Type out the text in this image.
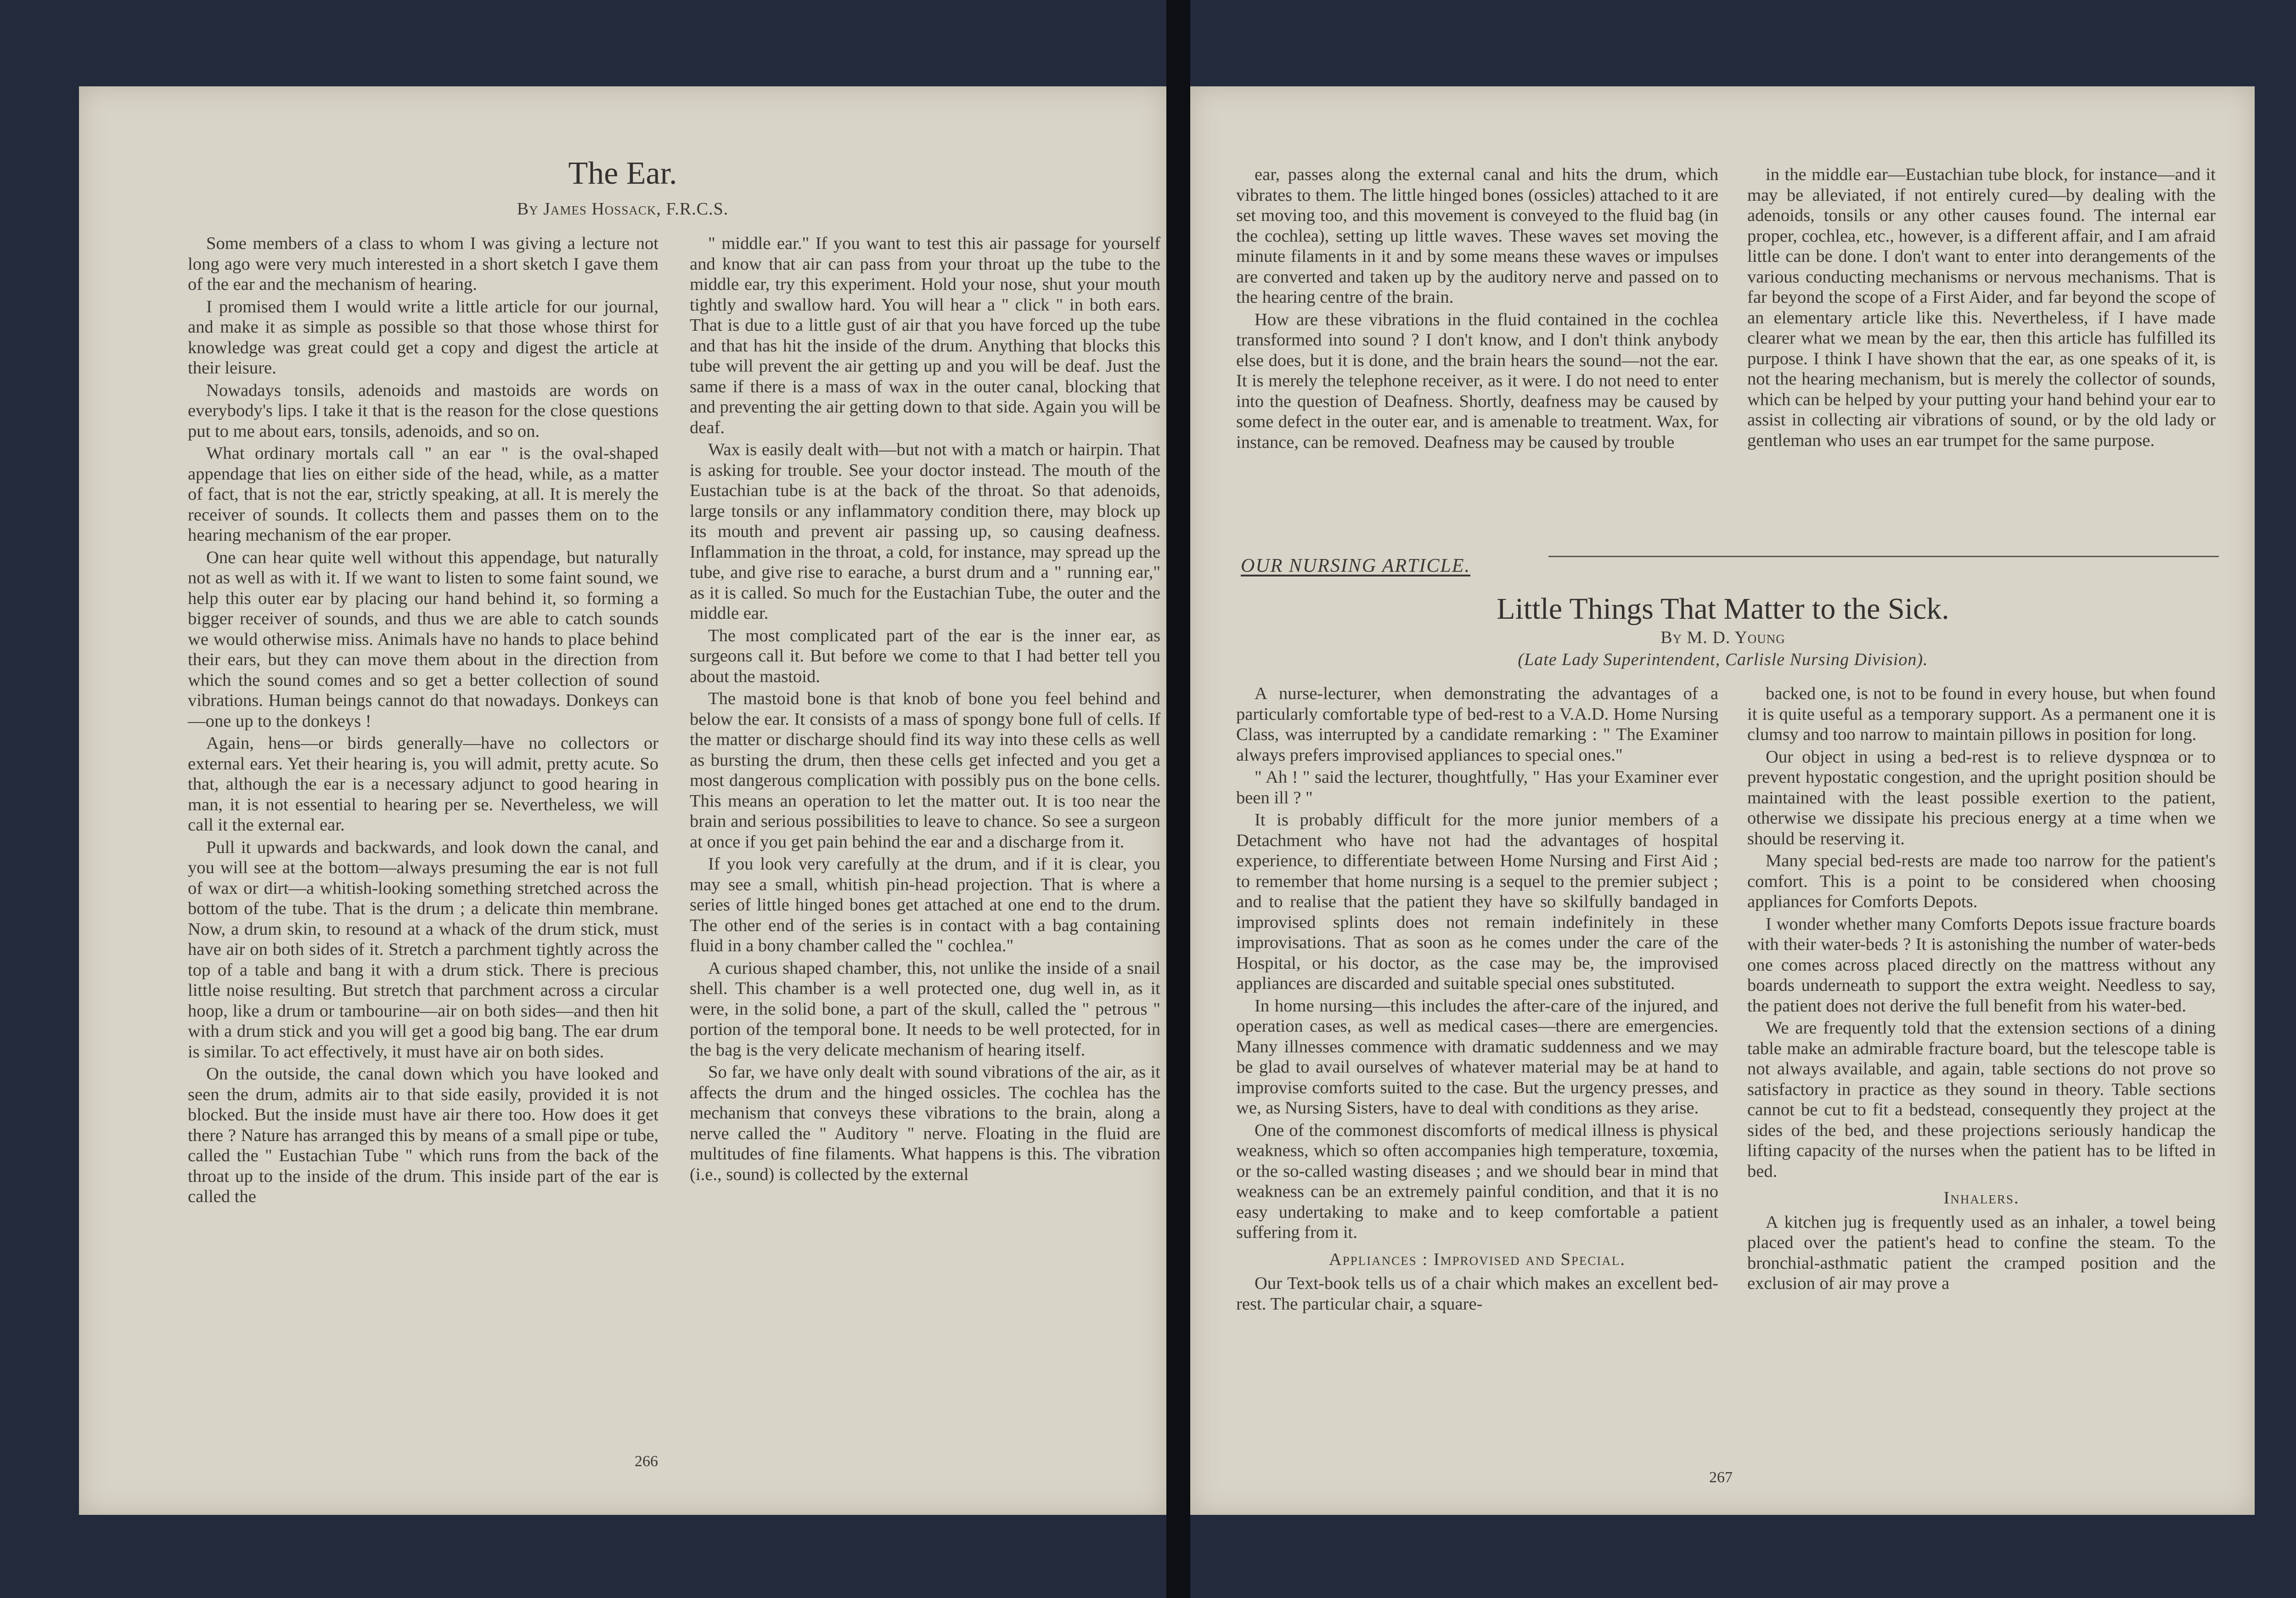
The Ear.
By James Hossack, F.R.C.S.

Some members of a class to whom I was giving a lecture not long ago were very much interested in a short sketch I gave them of the ear and the mechanism of hearing.

I promised them I would write a little article for our journal, and make it as simple as possible so that those whose thirst for knowledge was great could get a copy and digest the article at their leisure.

Nowadays tonsils, adenoids and mastoids are words on everybody's lips. I take it that is the reason for the close questions put to me about ears, tonsils, adenoids, and so on.

What ordinary mortals call " an ear " is the oval-shaped appendage that lies on either side of the head, while, as a matter of fact, that is not the ear, strictly speaking, at all. It is merely the receiver of sounds. It collects them and passes them on to the hearing mechanism of the ear proper.

One can hear quite well without this appendage, but naturally not as well as with it. If we want to listen to some faint sound, we help this outer ear by placing our hand behind it, so forming a bigger receiver of sounds, and thus we are able to catch sounds we would otherwise miss. Animals have no hands to place behind their ears, but they can move them about in the direction from which the sound comes and so get a better collection of sound vibrations. Human beings cannot do that nowadays. Donkeys can—one up to the donkeys !

Again, hens—or birds generally—have no collectors or external ears. Yet their hearing is, you will admit, pretty acute. So that, although the ear is a necessary adjunct to good hearing in man, it is not essential to hearing per se. Nevertheless, we will call it the external ear.

Pull it upwards and backwards, and look down the canal, and you will see at the bottom—always presuming the ear is not full of wax or dirt—a whitish-looking something stretched across the bottom of the tube. That is the drum ; a delicate thin membrane. Now, a drum skin, to resound at a whack of the drum stick, must have air on both sides of it. Stretch a parchment tightly across the top of a table and bang it with a drum stick. There is precious little noise resulting. But stretch that parchment across a circular hoop, like a drum or tambourine—air on both sides—and then hit with a drum stick and you will get a good big bang. The ear drum is similar. To act effectively, it must have air on both sides.

On the outside, the canal down which you have looked and seen the drum, admits air to that side easily, provided it is not blocked. But the inside must have air there too. How does it get there ? Nature has arranged this by means of a small pipe or tube, called the " Eustachian Tube " which runs from the back of the throat up to the inside of the drum. This inside part of the ear is called the

" middle ear." If you want to test this air passage for yourself and know that air can pass from your throat up the tube to the middle ear, try this experiment. Hold your nose, shut your mouth tightly and swallow hard. You will hear a " click " in both ears. That is due to a little gust of air that you have forced up the tube and that has hit the inside of the drum. Anything that blocks this tube will prevent the air getting up and you will be deaf. Just the same if there is a mass of wax in the outer canal, blocking that and preventing the air getting down to that side. Again you will be deaf.

Wax is easily dealt with—but not with a match or hairpin. That is asking for trouble. See your doctor instead. The mouth of the Eustachian tube is at the back of the throat. So that adenoids, large tonsils or any inflammatory condition there, may block up its mouth and prevent air passing up, so causing deafness. Inflammation in the throat, a cold, for instance, may spread up the tube, and give rise to earache, a burst drum and a " running ear," as it is called. So much for the Eustachian Tube, the outer and the middle ear.

The most complicated part of the ear is the inner ear, as surgeons call it. But before we come to that I had better tell you about the mastoid.

The mastoid bone is that knob of bone you feel behind and below the ear. It consists of a mass of spongy bone full of cells. If the matter or discharge should find its way into these cells as well as bursting the drum, then these cells get infected and you get a most dangerous complication with possibly pus on the bone cells. This means an operation to let the matter out. It is too near the brain and serious possibilities to leave to chance. So see a surgeon at once if you get pain behind the ear and a discharge from it.

If you look very carefully at the drum, and if it is clear, you may see a small, whitish pin-head projection. That is where a series of little hinged bones get attached at one end to the drum. The other end of the series is in contact with a bag containing fluid in a bony chamber called the " cochlea."

A curious shaped chamber, this, not unlike the inside of a snail shell. This chamber is a well protected one, dug well in, as it were, in the solid bone, a part of the skull, called the " petrous " portion of the temporal bone. It needs to be well protected, for in the bag is the very delicate mechanism of hearing itself.

So far, we have only dealt with sound vibrations of the air, as it affects the drum and the hinged ossicles. The cochlea has the mechanism that conveys these vibrations to the brain, along a nerve called the " Auditory " nerve. Floating in the fluid are multitudes of fine filaments. What happens is this. The vibration (i.e., sound) is collected by the external

266

ear, passes along the external canal and hits the drum, which vibrates to them. The little hinged bones (ossicles) attached to it are set moving too, and this movement is conveyed to the fluid bag (in the cochlea), setting up little waves. These waves set moving the minute filaments in it and by some means these waves or impulses are converted and taken up by the auditory nerve and passed on to the hearing centre of the brain.

How are these vibrations in the fluid contained in the cochlea transformed into sound ? I don't know, and I don't think anybody else does, but it is done, and the brain hears the sound—not the ear. It is merely the telephone receiver, as it were. I do not need to enter into the question of Deafness. Shortly, deafness may be caused by some defect in the outer ear, and is amenable to treatment. Wax, for instance, can be removed. Deafness may be caused by trouble

in the middle ear—Eustachian tube block, for instance—and it may be alleviated, if not entirely cured—by dealing with the adenoids, tonsils or any other causes found. The internal ear proper, cochlea, etc., however, is a different affair, and I am afraid little can be done. I don't want to enter into derangements of the various conducting mechanisms or nervous mechanisms. That is far beyond the scope of a First Aider, and far beyond the scope of an elementary article like this. Nevertheless, if I have made clearer what we mean by the ear, then this article has fulfilled its purpose. I think I have shown that the ear, as one speaks of it, is not the hearing mechanism, but is merely the collector of sounds, which can be helped by your putting your hand behind your ear to assist in collecting air vibrations of sound, or by the old lady or gentleman who uses an ear trumpet for the same purpose.

OUR NURSING ARTICLE.
Little Things That Matter to the Sick.
By M. D. Young
(Late Lady Superintendent, Carlisle Nursing Division).

A nurse-lecturer, when demonstrating the advantages of a particularly comfortable type of bed-rest to a V.A.D. Home Nursing Class, was interrupted by a candidate remarking : " The Examiner always prefers improvised appliances to special ones."

" Ah ! " said the lecturer, thoughtfully, " Has your Examiner ever been ill ? "

It is probably difficult for the more junior members of a Detachment who have not had the advantages of hospital experience, to differentiate between Home Nursing and First Aid ; to remember that home nursing is a sequel to the premier subject ; and to realise that the patient they have so skilfully bandaged in improvised splints does not remain indefinitely in these improvisations. That as soon as he comes under the care of the Hospital, or his doctor, as the case may be, the improvised appliances are discarded and suitable special ones substituted.

In home nursing—this includes the after-care of the injured, and operation cases, as well as medical cases—there are emergencies. Many illnesses commence with dramatic suddenness and we may be glad to avail ourselves of whatever material may be at hand to improvise comforts suited to the case. But the urgency presses, and we, as Nursing Sisters, have to deal with conditions as they arise.

One of the commonest discomforts of medical illness is physical weakness, which so often accompanies high temperature, toxœmia, or the so-called wasting diseases ; and we should bear in mind that weakness can be an extremely painful condition, and that it is no easy undertaking to make and to keep comfortable a patient suffering from it.

Appliances : Improvised and Special.

Our Text-book tells us of a chair which makes an excellent bed-rest. The particular chair, a square-

backed one, is not to be found in every house, but when found it is quite useful as a temporary support. As a permanent one it is clumsy and too narrow to maintain pillows in position for long.

Our object in using a bed-rest is to relieve dyspnœa or to prevent hypostatic congestion, and the upright position should be maintained with the least possible exertion to the patient, otherwise we dissipate his precious energy at a time when we should be reserving it.

Many special bed-rests are made too narrow for the patient's comfort. This is a point to be considered when choosing appliances for Comforts Depots.

I wonder whether many Comforts Depots issue fracture boards with their water-beds ? It is astonishing the number of water-beds one comes across placed directly on the mattress without any boards underneath to support the extra weight. Needless to say, the patient does not derive the full benefit from his water-bed.

We are frequently told that the extension sections of a dining table make an admirable fracture board, but the telescope table is not always available, and again, table sections do not prove so satisfactory in practice as they sound in theory. Table sections cannot be cut to fit a bedstead, consequently they project at the sides of the bed, and these projections seriously handicap the lifting capacity of the nurses when the patient has to be lifted in bed.

Inhalers.

A kitchen jug is frequently used as an inhaler, a towel being placed over the patient's head to confine the steam. To the bronchial-asthmatic patient the cramped position and the exclusion of air may prove a

267
